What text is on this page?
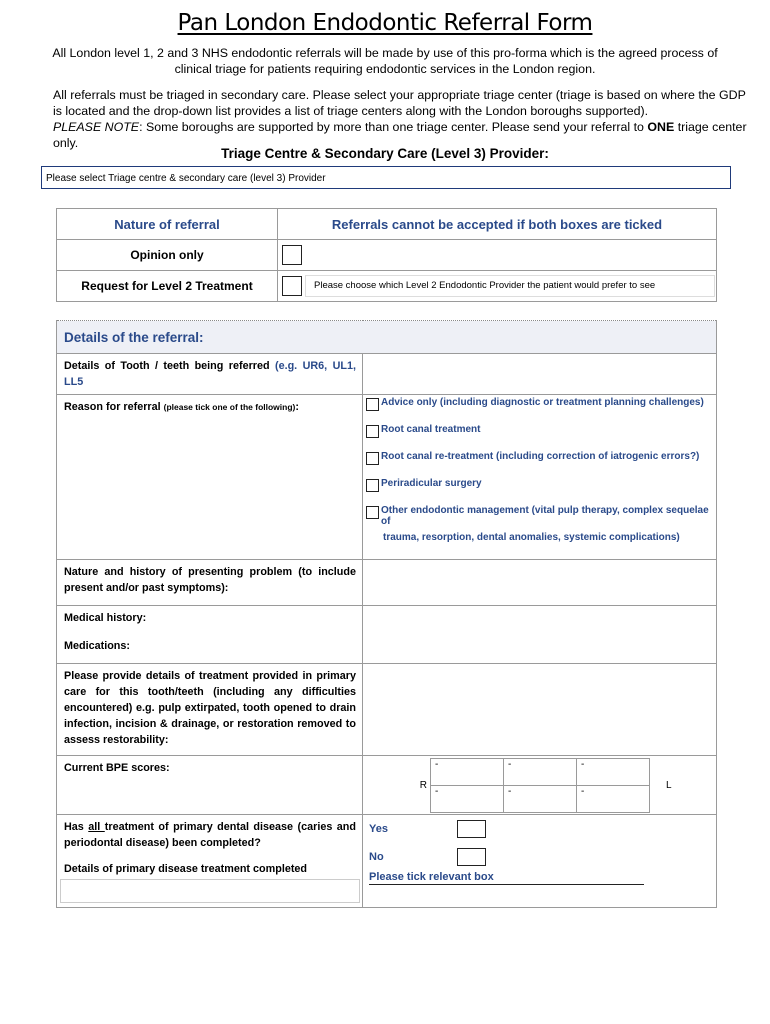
Pan London Endodontic Referral Form
All London level 1, 2 and 3 NHS endodontic referrals will be made by use of this pro-forma which is the agreed process of clinical triage for patients requiring endodontic services in the London region.
All referrals must be triaged in secondary care. Please select your appropriate triage center (triage is based on where the GDP is located and the drop-down list provides a list of triage centers along with the London boroughs supported).
PLEASE NOTE: Some boroughs are supported by more than one triage center. Please send your referral to ONE triage center only.
Triage Centre & Secondary Care (Level 3) Provider:
Please select Triage centre & secondary care (level 3) Provider
Nature of referral	Referrals cannot be accepted if both boxes are ticked
Opinion only	
Request for Level 2 Treatment	Please choose which Level 2 Endodontic Provider the patient would prefer to see
Details of the referral:
Details of Tooth / teeth being referred (e.g. UR6, UL1, LL5	
Reason for referral (please tick one of the following):	Advice only (including diagnostic or treatment planning challenges)
Root canal treatment
Root canal re-treatment (including correction of iatrogenic errors?)
Periradicular surgery
Other endodontic management (vital pulp therapy, complex sequelae of
trauma, resorption, dental anomalies, systemic complications)

Nature and history of presenting problem (to include present and/or past symptoms):	

Medical history:
Medications:

Please provide details of treatment provided in primary care for this tooth/teeth (including any difficulties encountered) e.g. pulp extirpated, tooth opened to drain infection, incision & drainage, or restoration removed to assess restorability:	
Current BPE scores:	
R
-	-	-
-	-	-
L

Has all treatment of primary dental disease (caries and periodontal disease) been completed?
Details of primary disease treatment completed

Yes
No
Please tick relevant box
